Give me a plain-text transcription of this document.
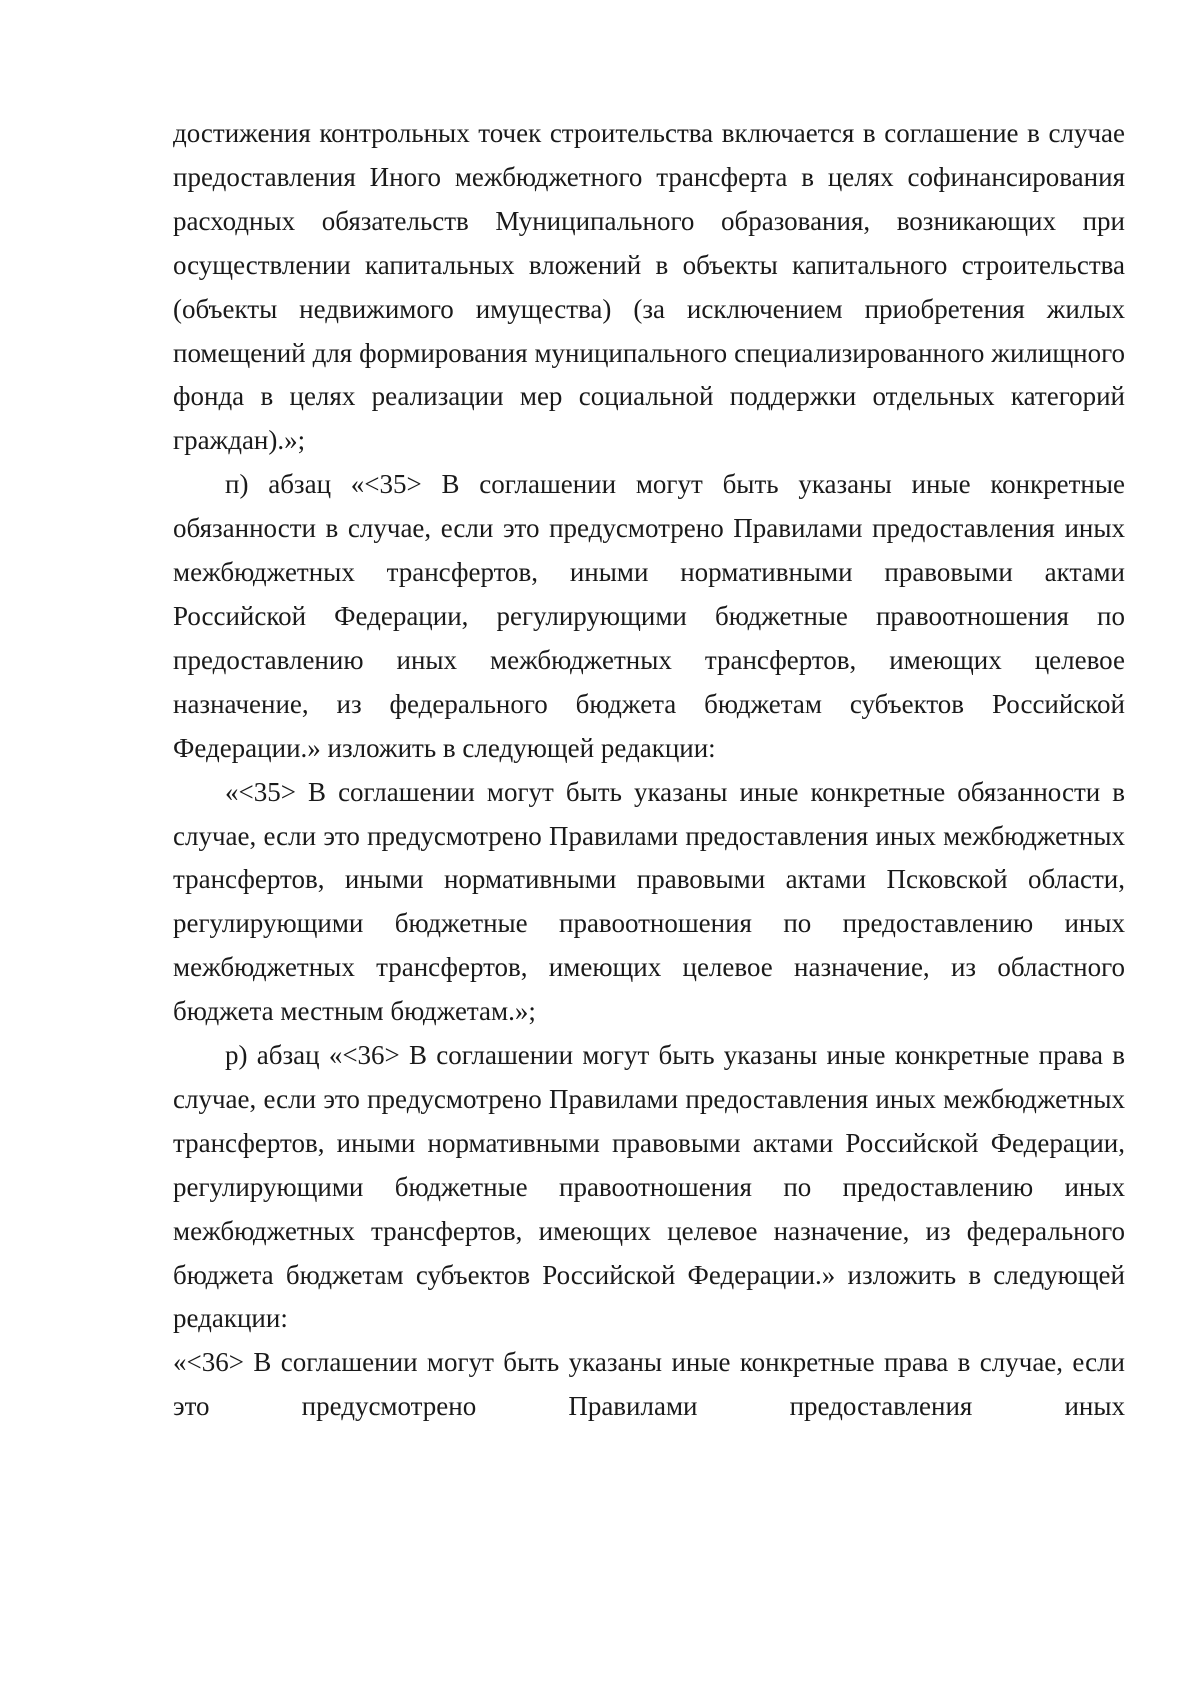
достижения контрольных точек строительства включается в соглашение в случае предоставления Иного межбюджетного трансферта в целях софинансирования расходных обязательств Муниципального образования, возникающих при осуществлении капитальных вложений в объекты капитального строительства (объекты недвижимого имущества) (за исключением приобретения жилых помещений для формирования муниципального специализированного жилищного фонда в целях реализации мер социальной поддержки отдельных категорий граждан).»;

п) абзац «<35> В соглашении могут быть указаны иные конкретные обязанности в случае, если это предусмотрено Правилами предоставления иных межбюджетных трансфертов, иными нормативными правовыми актами Российской Федерации, регулирующими бюджетные правоотношения по предоставлению иных межбюджетных трансфертов, имеющих целевое назначение, из федерального бюджета бюджетам субъектов Российской Федерации.» изложить в следующей редакции:

«<35> В соглашении могут быть указаны иные конкретные обязанности в случае, если это предусмотрено Правилами предоставления иных межбюджетных трансфертов, иными нормативными правовыми актами Псковской области, регулирующими бюджетные правоотношения по предоставлению иных межбюджетных трансфертов, имеющих целевое назначение, из областного бюджета местным бюджетам.»;

р) абзац «<36> В соглашении могут быть указаны иные конкретные права в случае, если это предусмотрено Правилами предоставления иных межбюджетных трансфертов, иными нормативными правовыми актами Российской Федерации, регулирующими бюджетные правоотношения по предоставлению иных межбюджетных трансфертов, имеющих целевое назначение, из федерального бюджета бюджетам субъектов Российской Федерации.» изложить в следующей редакции:

«<36> В соглашении могут быть указаны иные конкретные права в случае, если это предусмотрено Правилами предоставления иных
